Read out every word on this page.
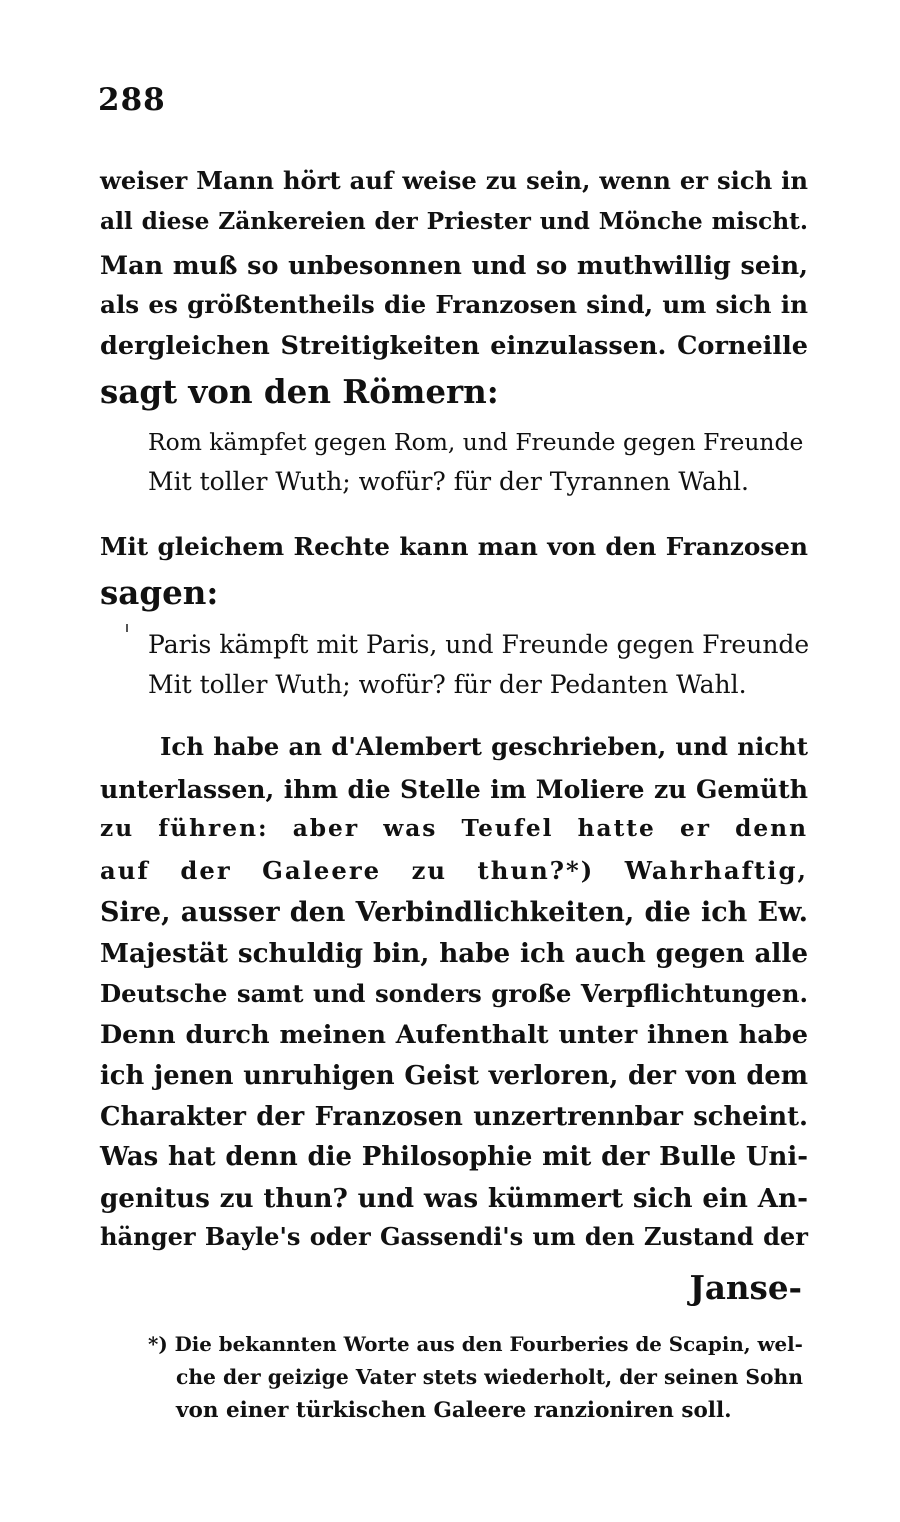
288
weiser Mann hört auf weise zu sein, wenn er sich in
all diese Zänkereien der Priester und Mönche mischt.
Man muß so unbesonnen und so muthwillig sein,
als es größtentheils die Franzosen sind, um sich in
dergleichen Streitigkeiten einzulassen. Corneille
sagt von den Römern:
Rom kämpfet gegen Rom, und Freunde gegen Freunde
Mit toller Wuth; wofür? für der Tyrannen Wahl.
Mit gleichem Rechte kann man von den Franzosen
sagen:
Paris kämpft mit Paris, und Freunde gegen Freunde
Mit toller Wuth; wofür? für der Pedanten Wahl.
Ich habe an d'Alembert geschrieben, und nicht
unterlassen, ihm die Stelle im Moliere zu Gemüth
zu führen: aber was Teufel hatte er denn
auf der Galeere zu thun?*) Wahrhaftig,
Sire, ausser den Verbindlichkeiten, die ich Ew.
Majestät schuldig bin, habe ich auch gegen alle
Deutsche samt und sonders große Verpflichtungen.
Denn durch meinen Aufenthalt unter ihnen habe
ich jenen unruhigen Geist verloren, der von dem
Charakter der Franzosen unzertrennbar scheint.
Was hat denn die Philosophie mit der Bulle Uni-
genitus zu thun? und was kümmert sich ein An-
hänger Bayle's oder Gassendi's um den Zustand der
Janse-
*) Die bekannten Worte aus den Fourberies de Scapin, wel-
che der geizige Vater stets wiederholt, der seinen Sohn
von einer türkischen Galeere ranzioniren soll.
